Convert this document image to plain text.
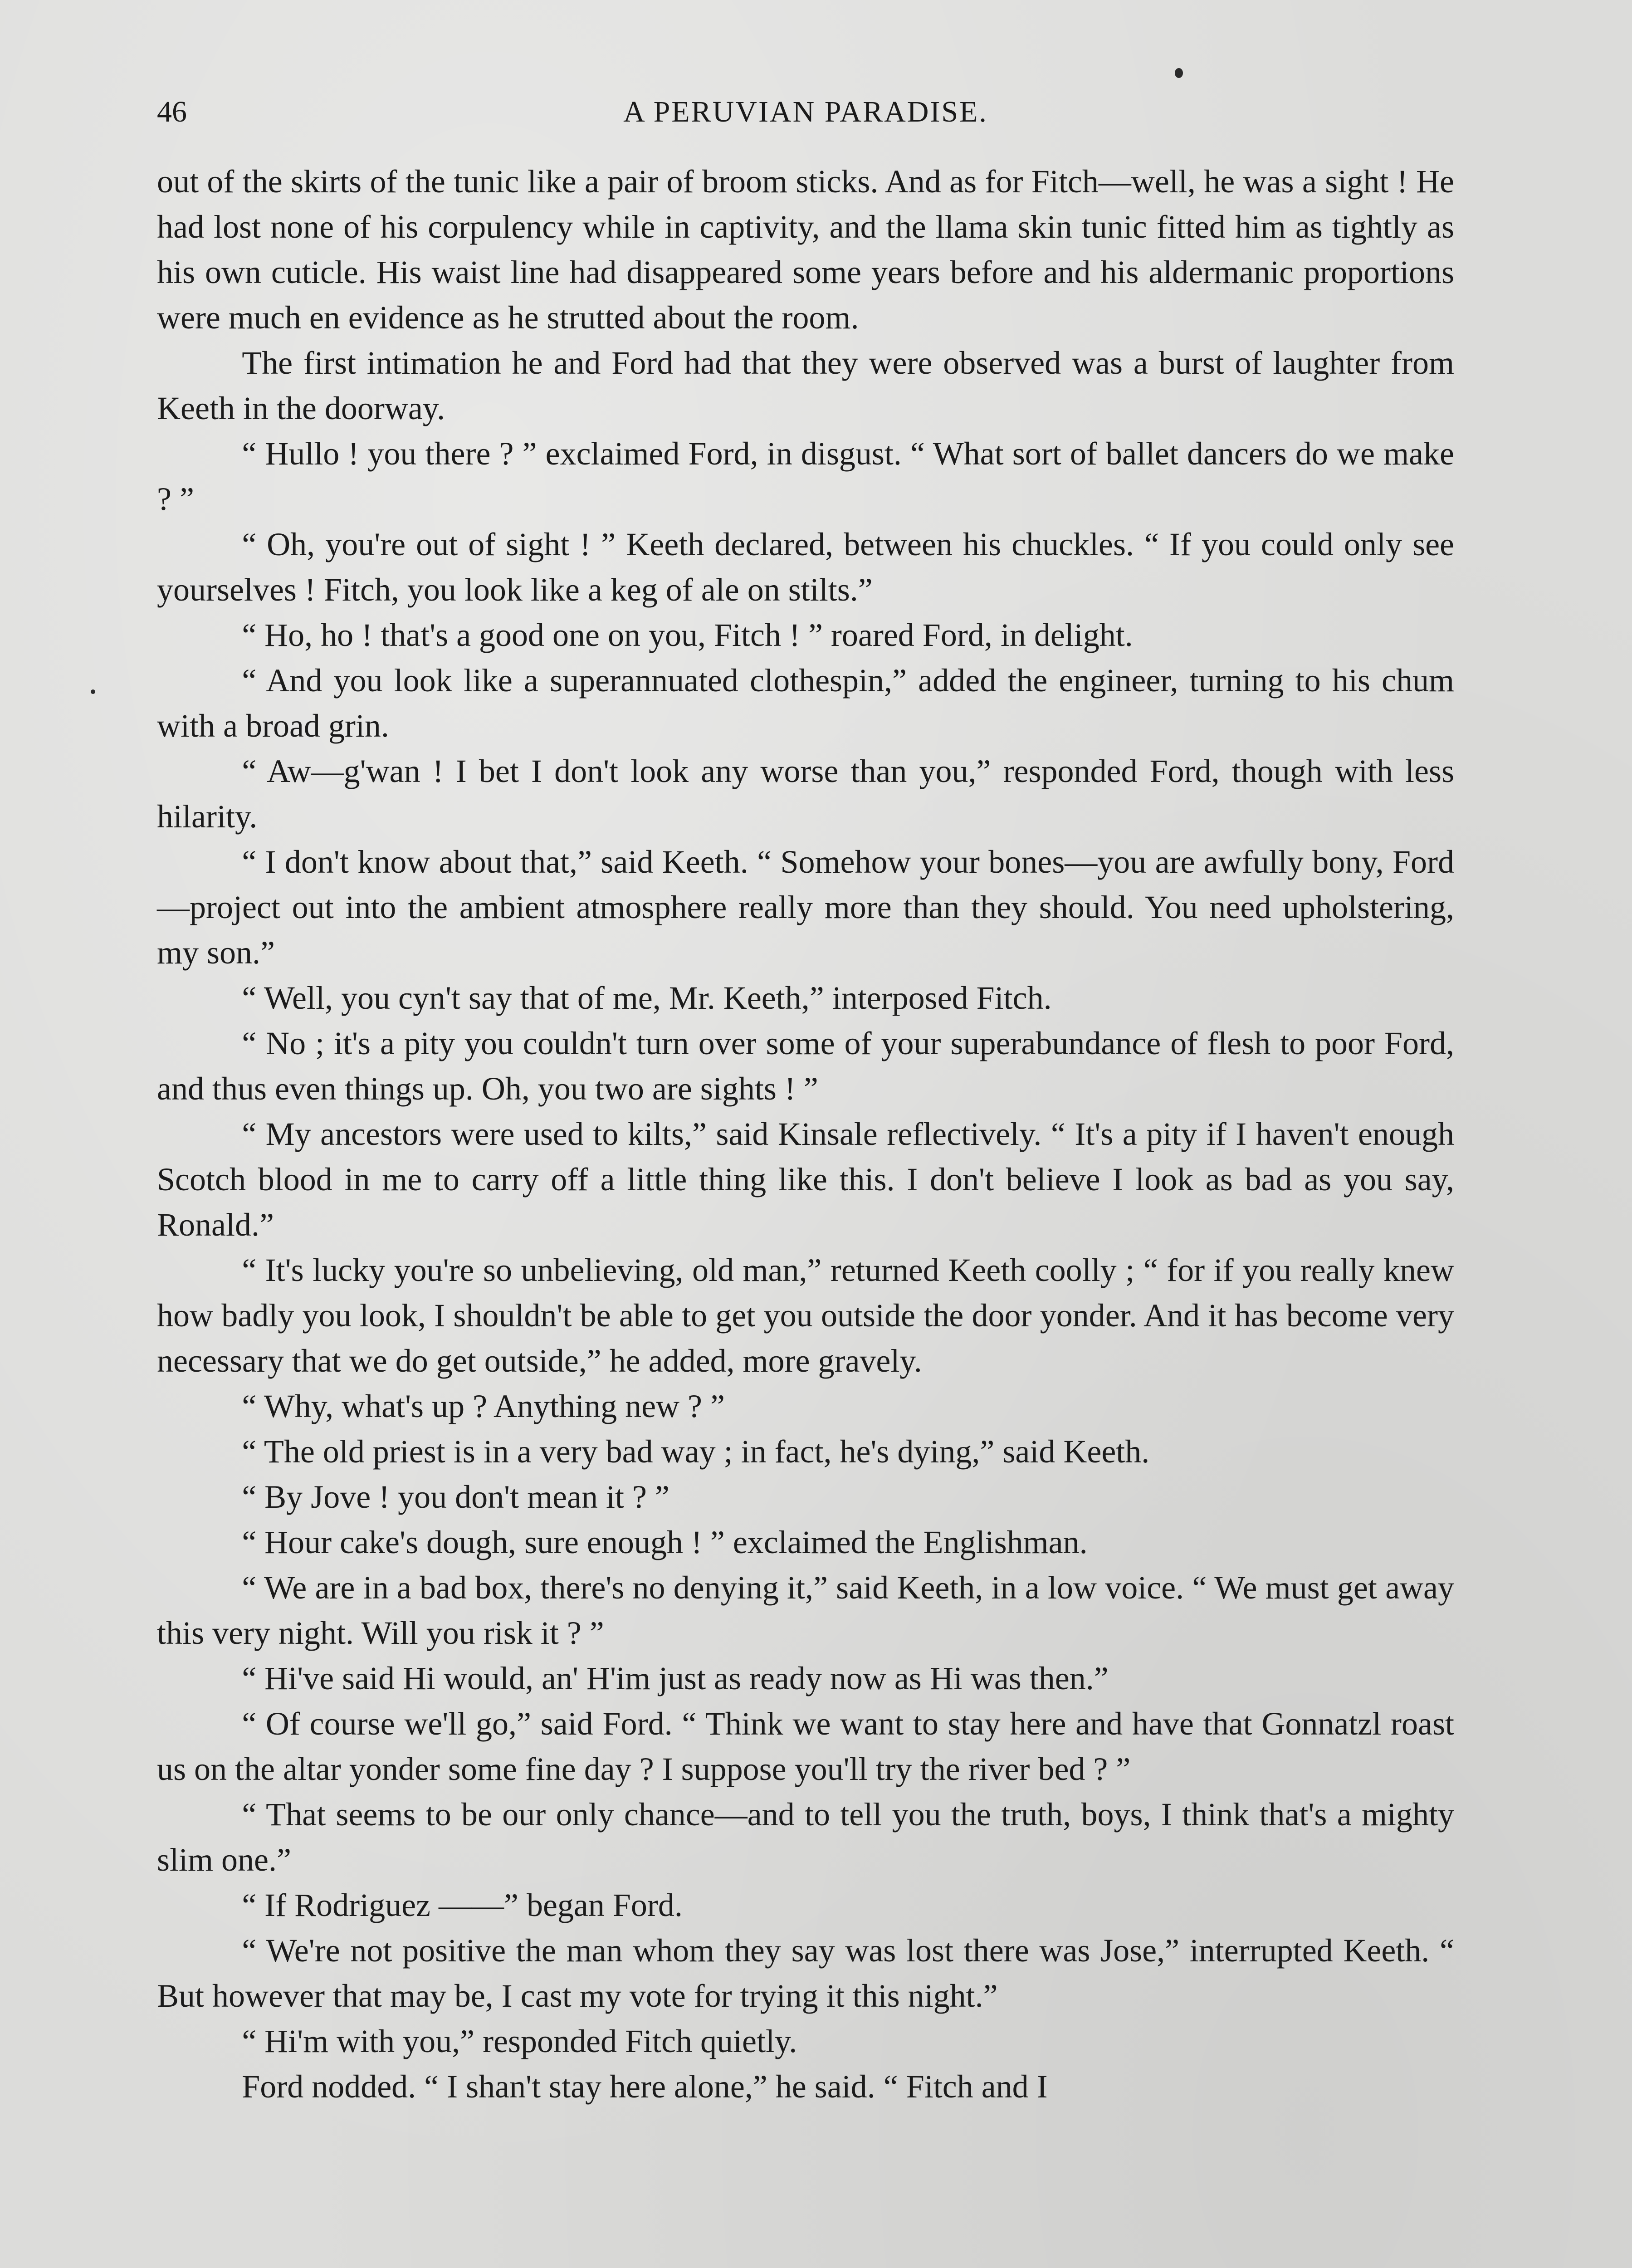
46	A PERUVIAN PARADISE.

out of the skirts of the tunic like a pair of broom sticks. And as for Fitch—well, he was a sight ! He had lost none of his corpulency while in captivity, and the llama skin tunic fitted him as tightly as his own cuticle. His waist line had disappeared some years before and his aldermanic proportions were much en evidence as he strutted about the room.

The first intimation he and Ford had that they were observed was a burst of laughter from Keeth in the doorway.

“ Hullo ! you there ? ” exclaimed Ford, in disgust. “ What sort of ballet dancers do we make ? ”

“ Oh, you're out of sight ! ” Keeth declared, between his chuckles. “ If you could only see yourselves ! Fitch, you look like a keg of ale on stilts.”

“ Ho, ho ! that's a good one on you, Fitch ! ” roared Ford, in delight.

“ And you look like a superannuated clothespin,” added the engineer, turning to his chum with a broad grin.

“ Aw—g'wan ! I bet I don't look any worse than you,” responded Ford, though with less hilarity.

“ I don't know about that,” said Keeth. “ Somehow your bones—you are awfully bony, Ford—project out into the ambient atmosphere really more than they should. You need upholstering, my son.”

“ Well, you cyn't say that of me, Mr. Keeth,” interposed Fitch.

“ No ; it's a pity you couldn't turn over some of your superabundance of flesh to poor Ford, and thus even things up. Oh, you two are sights ! ”

“ My ancestors were used to kilts,” said Kinsale reflectively. “ It's a pity if I haven't enough Scotch blood in me to carry off a little thing like this. I don't believe I look as bad as you say, Ronald.”

“ It's lucky you're so unbelieving, old man,” returned Keeth coolly ; “ for if you really knew how badly you look, I shouldn't be able to get you outside the door yonder. And it has become very necessary that we do get outside,” he added, more gravely.

“ Why, what's up ? Anything new ? ”

“ The old priest is in a very bad way ; in fact, he's dying,” said Keeth.

“ By Jove ! you don't mean it ? ”

“ Hour cake's dough, sure enough ! ” exclaimed the Englishman.

“ We are in a bad box, there's no denying it,” said Keeth, in a low voice. “ We must get away this very night. Will you risk it ? ”

“ Hi've said Hi would, an' H'im just as ready now as Hi was then.”

“ Of course we'll go,” said Ford. “ Think we want to stay here and have that Gonnatzl roast us on the altar yonder some fine day ? I suppose you'll try the river bed ? ”

“ That seems to be our only chance—and to tell you the truth, boys, I think that's a mighty slim one.”

“ If Rodriguez ——” began Ford.

“ We're not positive the man whom they say was lost there was Jose,” interrupted Keeth. “ But however that may be, I cast my vote for trying it this night.”

“ Hi'm with you,” responded Fitch quietly.

Ford nodded. “ I shan't stay here alone,” he said. “ Fitch and I
